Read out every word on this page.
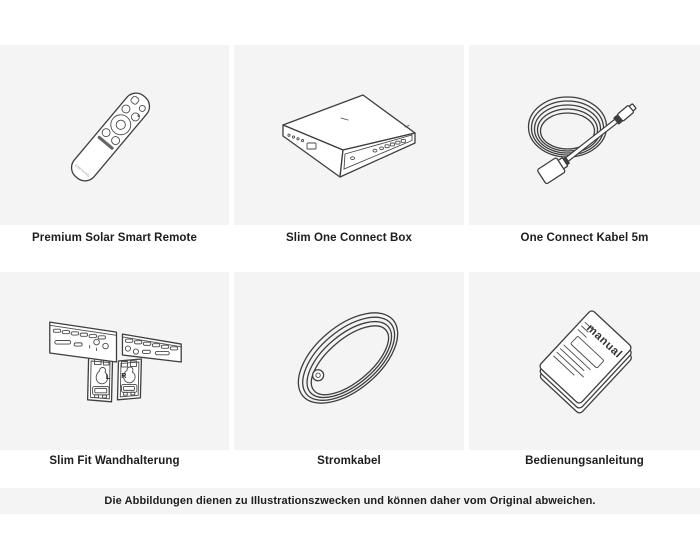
SAMSUNG
Premium Solar Smart Remote	Slim One Connect Box	One Connect Kabel 5m
L R
Slim Fit Wandhalterung	Stromkabel
manual
Bedienungsanleitung
Die Abbildungen dienen zu Illustrationszwecken und können daher vom Original abweichen.
